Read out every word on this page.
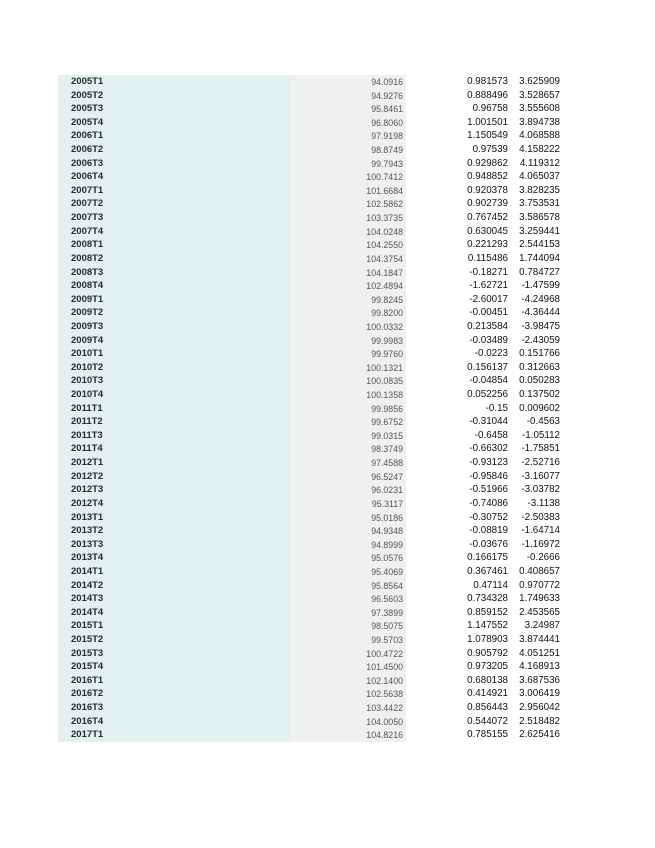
2005T1	94.0916	0.981573	3.625909
2005T2	94.9276	0.888496	3.528657
2005T3	95.8461	0.96758	3.555608
2005T4	96.8060	1.001501	3.894738
2006T1	97.9198	1.150549	4.068588
2006T2	98.8749	0.97539	4.158222
2006T3	99.7943	0.929862	4.119312
2006T4	100.7412	0.948852	4.065037
2007T1	101.6684	0.920378	3.828235
2007T2	102.5862	0.902739	3.753531
2007T3	103.3735	0.767452	3.586578
2007T4	104.0248	0.630045	3.259441
2008T1	104.2550	0.221293	2.544153
2008T2	104.3754	0.115486	1.744094
2008T3	104.1847	-0.18271	0.784727
2008T4	102.4894	-1.62721	-1.47599
2009T1	99.8245	-2.60017	-4.24968
2009T2	99.8200	-0.00451	-4.36444
2009T3	100.0332	0.213584	-3.98475
2009T4	99.9983	-0.03489	-2.43059
2010T1	99.9760	-0.0223	0.151766
2010T2	100.1321	0.156137	0.312663
2010T3	100.0835	-0.04854	0.050283
2010T4	100.1358	0.052256	0.137502
2011T1	99.9856	-0.15	0.009602
2011T2	99.6752	-0.31044	-0.4563
2011T3	99.0315	-0.6458	-1.05112
2011T4	98.3749	-0.66302	-1.75851
2012T1	97.4588	-0.93123	-2.52716
2012T2	96.5247	-0.95846	-3.16077
2012T3	96.0231	-0.51966	-3.03782
2012T4	95.3117	-0.74086	-3.1138
2013T1	95.0186	-0.30752	-2.50383
2013T2	94.9348	-0.08819	-1.64714
2013T3	94.8999	-0.03676	-1.16972
2013T4	95.0576	0.166175	-0.2666
2014T1	95.4069	0.367461	0.408657
2014T2	95.8564	0.47114	0.970772
2014T3	96.5603	0.734328	1.749633
2014T4	97.3899	0.859152	2.453565
2015T1	98.5075	1.147552	3.24987
2015T2	99.5703	1.078903	3.874441
2015T3	100.4722	0.905792	4.051251
2015T4	101.4500	0.973205	4.168913
2016T1	102.1400	0.680138	3.687536
2016T2	102.5638	0.414921	3.006419
2016T3	103.4422	0.856443	2.956042
2016T4	104.0050	0.544072	2.518482
2017T1	104.8216	0.785155	2.625416
